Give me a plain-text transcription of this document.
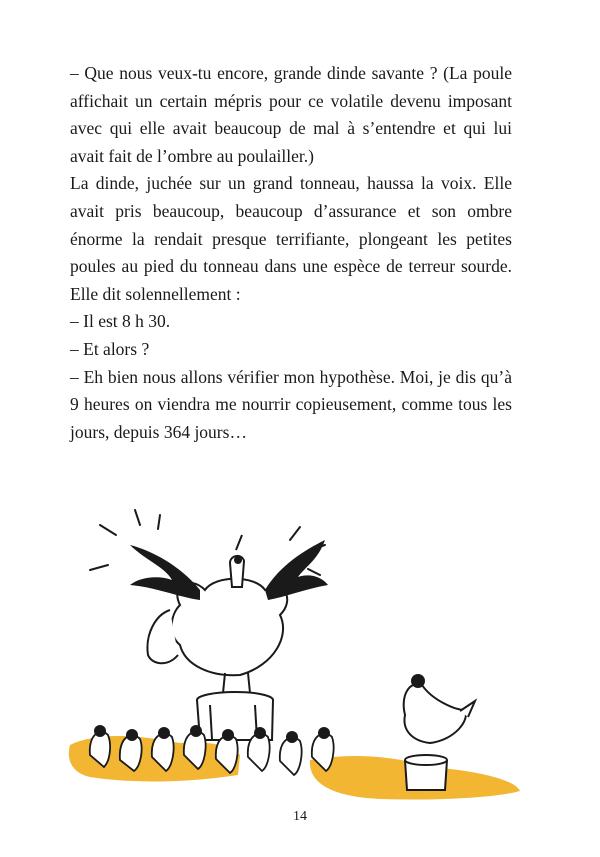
– Que nous veux-tu encore, grande dinde savante ? (La poule affichait un certain mépris pour ce volatile devenu imposant avec qui elle avait beaucoup de mal à s’entendre et qui lui avait fait de l’ombre au poulailler.)

La dinde, juchée sur un grand tonneau, haussa la voix. Elle avait pris beaucoup, beaucoup d’assurance et son ombre énorme la rendait presque terrifiante, plongeant les petites poules au pied du tonneau dans une espèce de terreur sourde. Elle dit solennellement :

– Il est 8 h 30.

– Et alors ?

– Eh bien nous allons vérifier mon hypothèse. Moi, je dis qu’à 9 heures on viendra me nourrir copieusement, comme tous les jours, depuis 364 jours…

14
